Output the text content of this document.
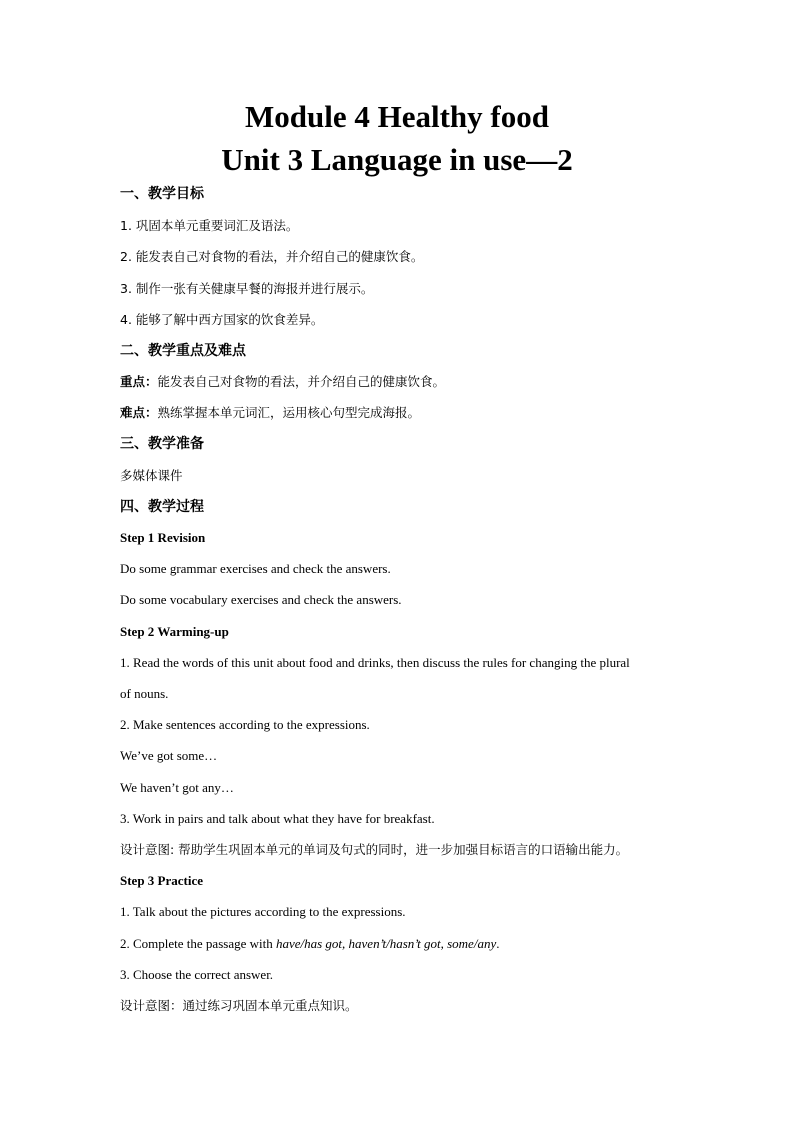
Module 4 Healthy food
Unit 3 Language in use—2
一、教学目标
1. 巩固本单元重要词汇及语法。
2. 能发表自己对食物的看法，并介绍自己的健康饮食。
3. 制作一张有关健康早餐的海报并进行展示。
4. 能够了解中西方国家的饮食差异。
二、教学重点及难点
重点：能发表自己对食物的看法，并介绍自己的健康饮食。
难点：熟练掌握本单元词汇，运用核心句型完成海报。
三、教学准备
多媒体课件
四、教学过程
Step 1 Revision
Do some grammar exercises and check the answers.
Do some vocabulary exercises and check the answers.
Step 2 Warming-up
1. Read the words of this unit about food and drinks, then discuss the rules for changing the plural
of nouns.
2. Make sentences according to the expressions.
We’ve got some…
We haven’t got any…
3. Work in pairs and talk about what they have for breakfast.
设计意图: 帮助学生巩固本单元的单词及句式的同时，进一步加强目标语言的口语输出能力。
Step 3 Practice
1. Talk about the pictures according to the expressions.
2. Complete the passage with have/has got, haven’t/hasn’t got, some/any.
3. Choose the correct answer.
设计意图：通过练习巩固本单元重点知识。
